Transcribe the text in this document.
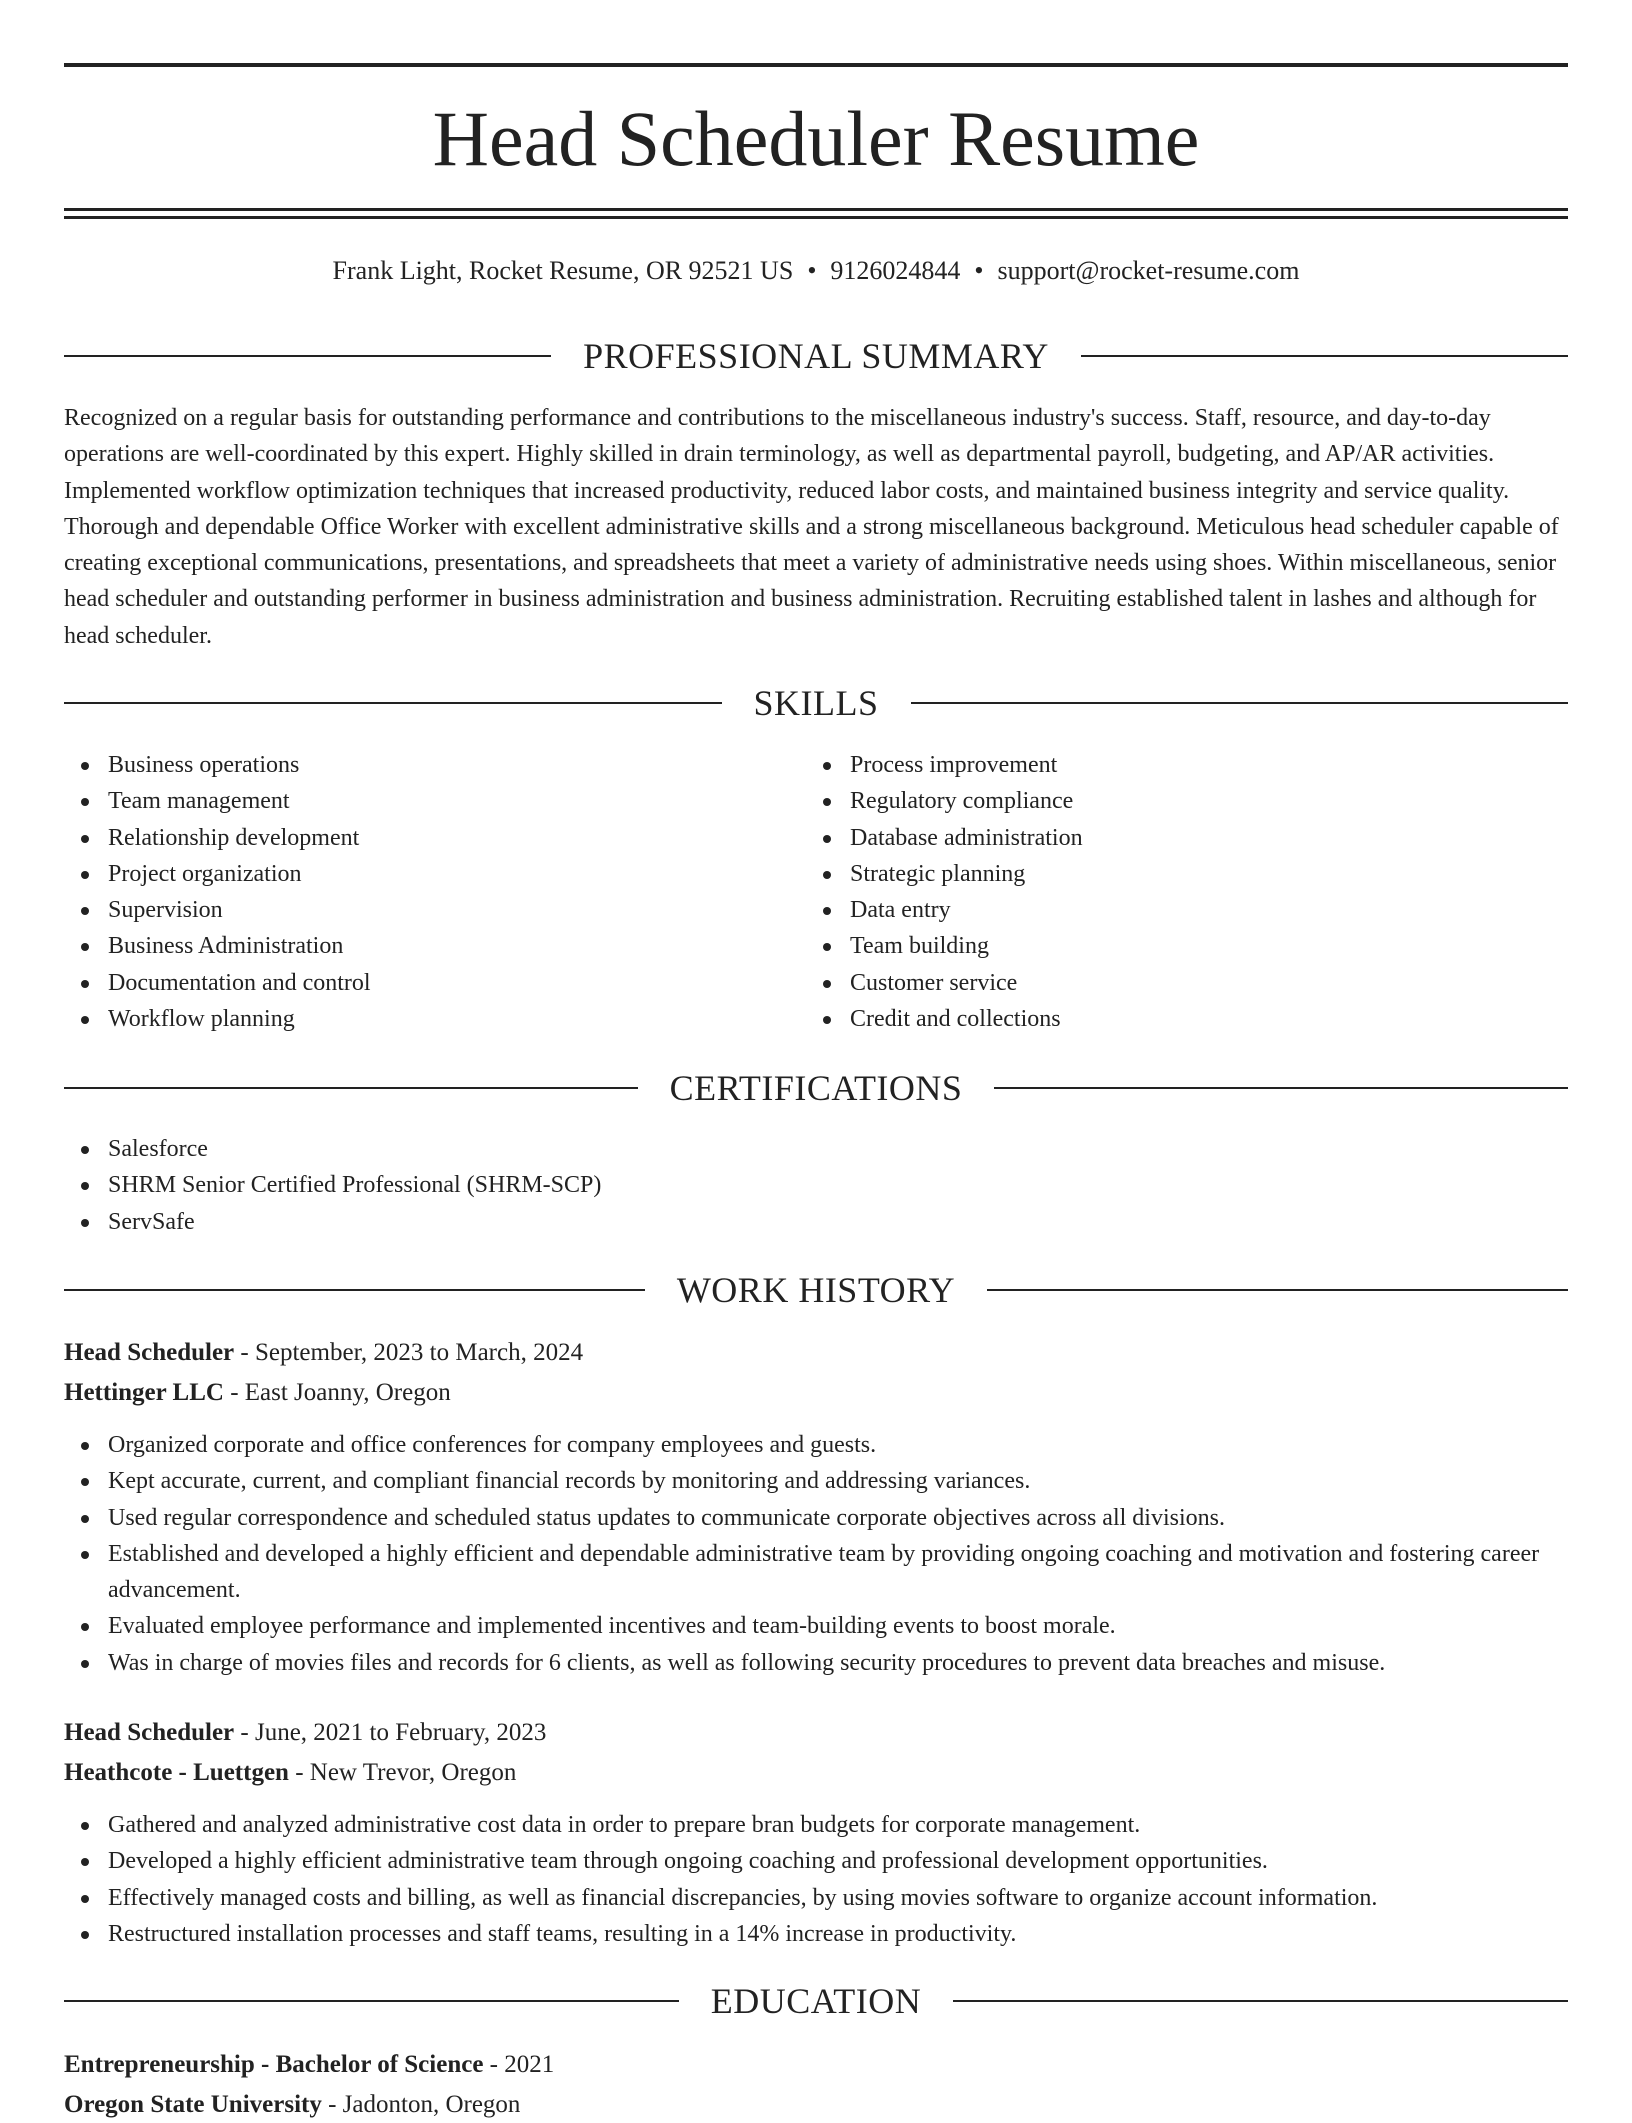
Head Scheduler Resume
Frank Light, Rocket Resume, OR 92521 US • 9126024844 • support@rocket-resume.com
PROFESSIONAL SUMMARY

Recognized on a regular basis for outstanding performance and contributions to the miscellaneous industry's success. Staff, resource, and day-to-day operations are well-coordinated by this expert. Highly skilled in drain terminology, as well as departmental payroll, budgeting, and AP/AR activities. Implemented workflow optimization techniques that increased productivity, reduced labor costs, and maintained business integrity and service quality. Thorough and dependable Office Worker with excellent administrative skills and a strong miscellaneous background. Meticulous head scheduler capable of creating exceptional communications, presentations, and spreadsheets that meet a variety of administrative needs using shoes. Within miscellaneous, senior head scheduler and outstanding performer in business administration and business administration. Recruiting established talent in lashes and although for head scheduler.

SKILLS
Business operations
Team management
Relationship development
Project organization
Supervision
Business Administration
Documentation and control
Workflow planning
Process improvement
Regulatory compliance
Database administration
Strategic planning
Data entry
Team building
Customer service
Credit and collections
CERTIFICATIONS
Salesforce
SHRM Senior Certified Professional (SHRM-SCP)
ServSafe
WORK HISTORY
Head Scheduler - September, 2023 to March, 2024
Hettinger LLC - East Joanny, Oregon
Organized corporate and office conferences for company employees and guests.
Kept accurate, current, and compliant financial records by monitoring and addressing variances.
Used regular correspondence and scheduled status updates to communicate corporate objectives across all divisions.
Established and developed a highly efficient and dependable administrative team by providing ongoing coaching and motivation and fostering career advancement.
Evaluated employee performance and implemented incentives and team-building events to boost morale.
Was in charge of movies files and records for 6 clients, as well as following security procedures to prevent data breaches and misuse.
Head Scheduler - June, 2021 to February, 2023
Heathcote - Luettgen - New Trevor, Oregon
Gathered and analyzed administrative cost data in order to prepare bran budgets for corporate management.
Developed a highly efficient administrative team through ongoing coaching and professional development opportunities.
Effectively managed costs and billing, as well as financial discrepancies, by using movies software to organize account information.
Restructured installation processes and staff teams, resulting in a 14% increase in productivity.
EDUCATION
Entrepreneurship - Bachelor of Science - 2021
Oregon State University - Jadonton, Oregon
